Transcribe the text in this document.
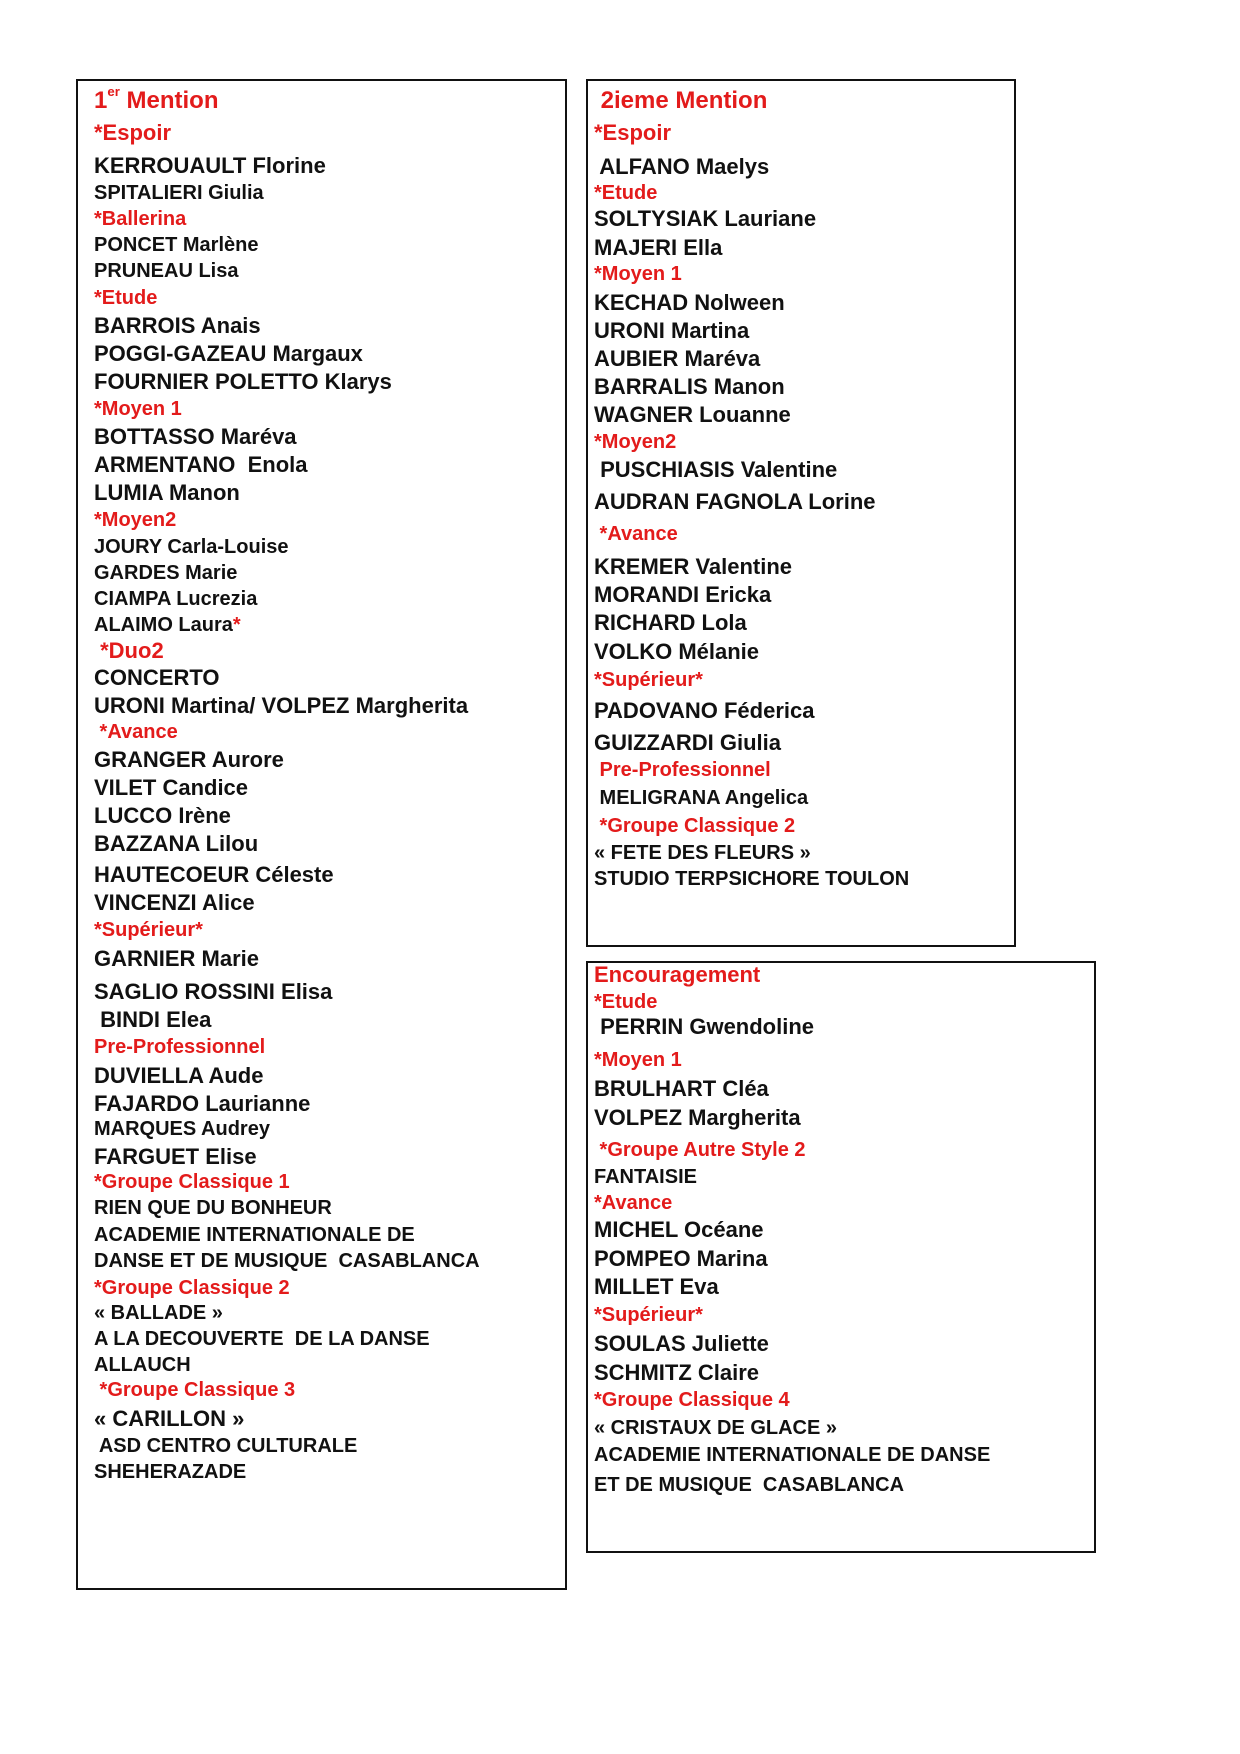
1er Mention	2ieme Mention
Encouragement
*Espoir
KERROUAULT Florine
SPITALIERI Giulia
*Ballerina
PONCET Marlène
PRUNEAU Lisa
*Etude
BARROIS Anais
POGGI-GAZEAU Margaux
FOURNIER POLETTO Klarys
*Moyen 1
BOTTASSO Maréva
ARMENTANO  Enola
LUMIA Manon
*Moyen2
JOURY Carla-Louise
GARDES Marie
CIAMPA Lucrezia
ALAIMO Laura*
*Duo2
CONCERTO
URONI Martina/ VOLPEZ Margherita
*Avance
GRANGER Aurore
VILET Candice
LUCCO Irène
BAZZANA Lilou
HAUTECOEUR Céleste
VINCENZI Alice
*Supérieur*
GARNIER Marie
SAGLIO ROSSINI Elisa
BINDI Elea
Pre-Professionnel
DUVIELLA Aude
FAJARDO Laurianne
MARQUES Audrey
FARGUET Elise
*Groupe Classique 1
RIEN QUE DU BONHEUR
ACADEMIE INTERNATIONALE DE
DANSE ET DE MUSIQUE  CASABLANCA
*Groupe Classique 2
« BALLADE »
A LA DECOUVERTE  DE LA DANSE
ALLAUCH
*Groupe Classique 3
« CARILLON »
ASD CENTRO CULTURALE
SHEHERAZADE
*Espoir
ALFANO Maelys
*Etude
SOLTYSIAK Lauriane
MAJERI Ella
*Moyen 1
KECHAD Nolween
URONI Martina
AUBIER Maréva
BARRALIS Manon
WAGNER Louanne
*Moyen2
PUSCHIASIS Valentine
AUDRAN FAGNOLA Lorine
*Avance
KREMER Valentine
MORANDI Ericka
RICHARD Lola
VOLKO Mélanie
*Supérieur*
PADOVANO Féderica
GUIZZARDI Giulia
Pre-Professionnel
MELIGRANA Angelica
*Groupe Classique 2
« FETE DES FLEURS »
STUDIO TERPSICHORE TOULON
*Etude
PERRIN Gwendoline
*Moyen 1
BRULHART Cléa
VOLPEZ Margherita
*Groupe Autre Style 2
FANTAISIE
*Avance
MICHEL Océane
POMPEO Marina
MILLET Eva
*Supérieur*
SOULAS Juliette
SCHMITZ Claire
*Groupe Classique 4
« CRISTAUX DE GLACE »
ACADEMIE INTERNATIONALE DE DANSE
ET DE MUSIQUE  CASABLANCA
